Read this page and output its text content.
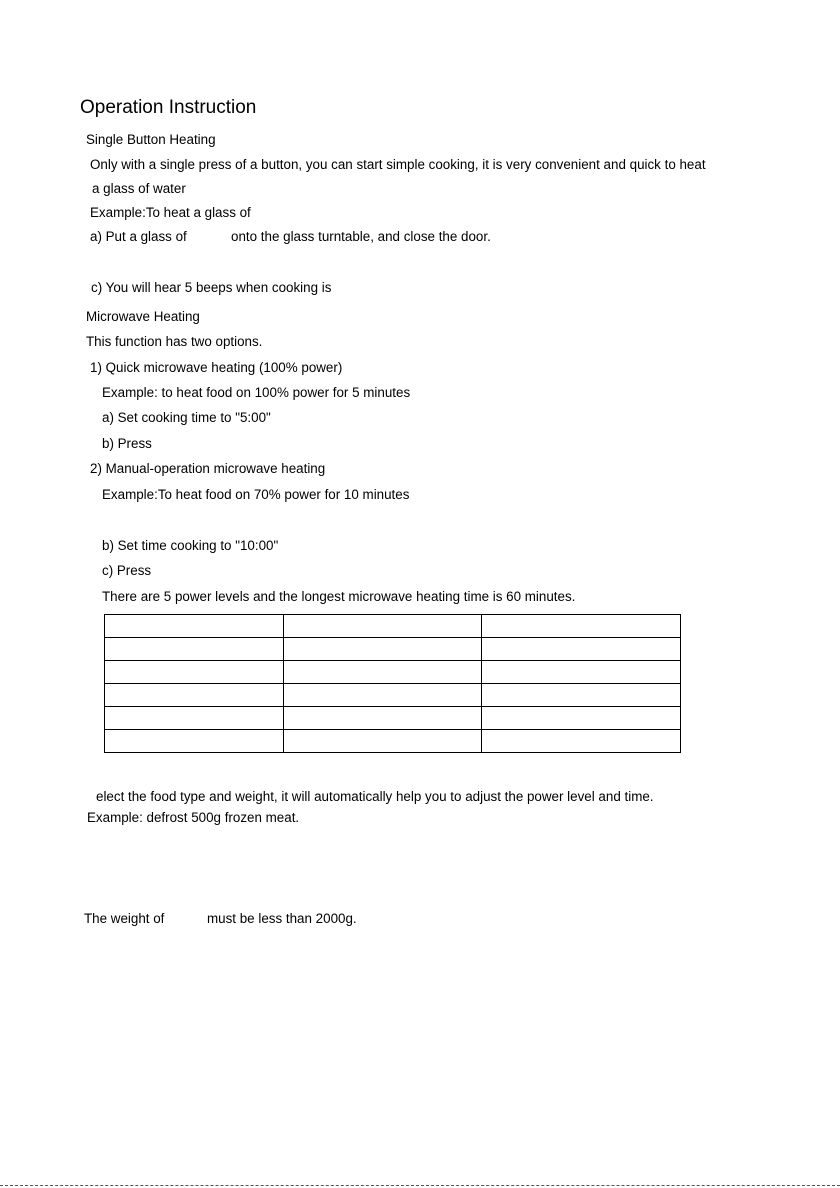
Operation Instruction
Single Button Heating
Only with a single press of a button, you can start simple cooking, it is very convenient and quick to heat
a glass of water
Example:To heat a glass of
a) Put a glass of	onto the glass turntable, and close the door.
c) You will hear 5 beeps when cooking is
Microwave Heating
This function has two options.
1) Quick microwave heating (100% power)
Example: to heat food on 100% power for 5 minutes
a) Set cooking time to "5:00"
b) Press
2) Manual-operation microwave heating
Example:To heat food on 70% power for 10 minutes
b) Set time cooking to "10:00"
c) Press
There are 5 power levels and the longest microwave heating time is 60 minutes.

elect the food type and weight, it will automatically help you to adjust the power level and time.
Example: defrost 500g frozen meat.
The weight of	must be less than 2000g.
